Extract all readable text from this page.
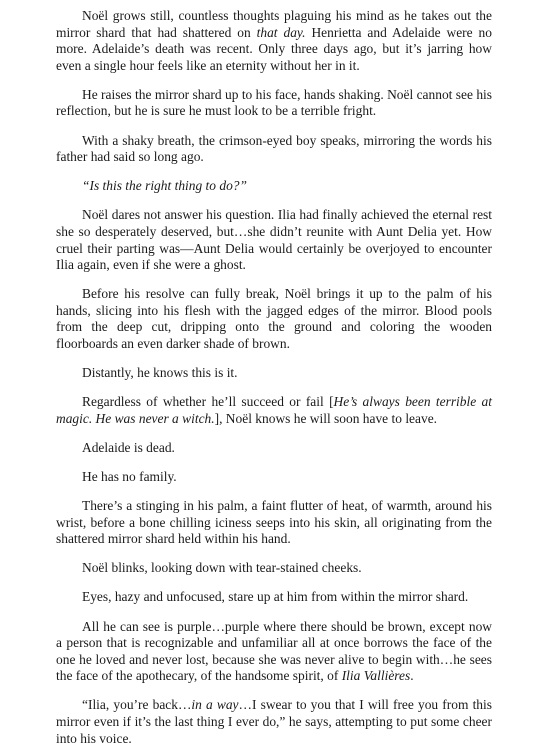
Noël grows still, countless thoughts plaguing his mind as he takes out the mirror shard that had shattered on that day. Henrietta and Adelaide were no more. Adelaide’s death was recent. Only three days ago, but it’s jarring how even a single hour feels like an eternity without her in it.

He raises the mirror shard up to his face, hands shaking. Noël cannot see his reflection, but he is sure he must look to be a terrible fright.

With a shaky breath, the crimson-eyed boy speaks, mirroring the words his father had said so long ago.

“Is this the right thing to do?”

Noël dares not answer his question. Ilia had finally achieved the eternal rest she so desperately deserved, but…she didn’t reunite with Aunt Delia yet. How cruel their parting was—Aunt Delia would certainly be overjoyed to encounter Ilia again, even if she were a ghost.

Before his resolve can fully break, Noël brings it up to the palm of his hands, slicing into his flesh with the jagged edges of the mirror. Blood pools from the deep cut, dripping onto the ground and coloring the wooden floorboards an even darker shade of brown.

Distantly, he knows this is it.

Regardless of whether he’ll succeed or fail [He’s always been terrible at magic. He was never a witch.], Noël knows he will soon have to leave.

Adelaide is dead.

He has no family.

There’s a stinging in his palm, a faint flutter of heat, of warmth, around his wrist, before a bone chilling iciness seeps into his skin, all originating from the shattered mirror shard held within his hand.

Noël blinks, looking down with tear-stained cheeks.

Eyes, hazy and unfocused, stare up at him from within the mirror shard.

All he can see is purple…purple where there should be brown, except now a person that is recognizable and unfamiliar all at once borrows the face of the one he loved and never lost, because she was never alive to begin with…he sees the face of the apothecary, of the handsome spirit, of Ilia Vallières.

“Ilia, you’re back…in a way…I swear to you that I will free you from this mirror even if it’s the last thing I ever do,” he says, attempting to put some cheer into his voice.
